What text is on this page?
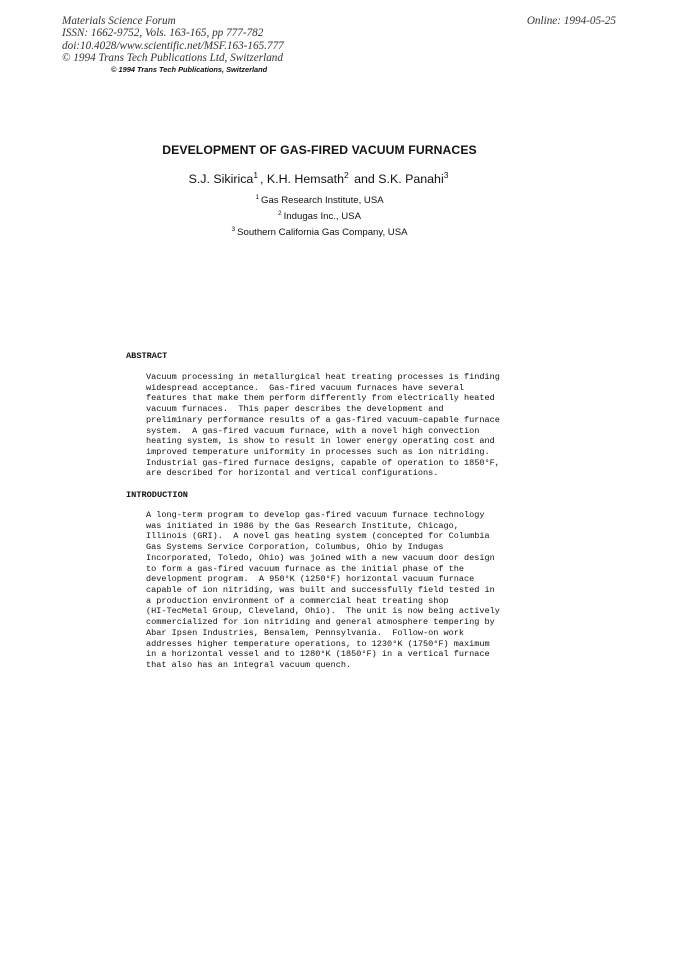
Materials Science Forum
ISSN: 1662-9752, Vols. 163-165, pp 777-782
doi:10.4028/www.scientific.net/MSF.163-165.777
© 1994 Trans Tech Publications Ltd, Switzerland
Online: 1994-05-25
© 1994 Trans Tech Publications, Switzerland
DEVELOPMENT OF GAS-FIRED VACUUM FURNACES
S.J. Sikirica$^1$ , K.H. Hemsath$^2$ and S.K. Panahi$^3$
$^1$ Gas Research Institute, USA
$^2$ Indugas Inc., USA
$^3$ Southern California Gas Company, USA
ABSTRACT
Vacuum processing in metallurgical heat treating processes is finding
widespread acceptance.  Gas-fired vacuum furnaces have several
features that make them perform differently from electrically heated
vacuum furnaces.  This paper describes the development and
preliminary performance results of a gas-fired vacuum-capable furnace
system.  A gas-fired vacuum furnace, with a novel high convection
heating system, is show to result in lower energy operating cost and
improved temperature uniformity in processes such as ion nitriding.
Industrial gas-fired furnace designs, capable of operation to 1850°F,
are described for horizontal and vertical configurations.
INTRODUCTION
A long-term program to develop gas-fired vacuum furnace technology
was initiated in 1986 by the Gas Research Institute, Chicago,
Illinois (GRI).  A novel gas heating system (concepted for Columbia
Gas Systems Service Corporation, Columbus, Ohio by Indugas
Incorporated, Toledo, Ohio) was joined with a new vacuum door design
to form a gas-fired vacuum furnace as the initial phase of the
development program.  A 950°K (1250°F) horizontal vacuum furnace
capable of ion nitriding, was built and successfully field tested in
a production environment of a commercial heat treating shop
(HI-TecMetal Group, Cleveland, Ohio).  The unit is now being actively
commercialized for ion nitriding and general atmosphere tempering by
Abar Ipsen Industries, Bensalem, Pennsylvania.  Follow-on work
addresses higher temperature operations, to 1230°K (1750°F) maximum
in a horizontal vessel and to 1280°K (1850°F) in a vertical furnace
that also has an integral vacuum quench.
